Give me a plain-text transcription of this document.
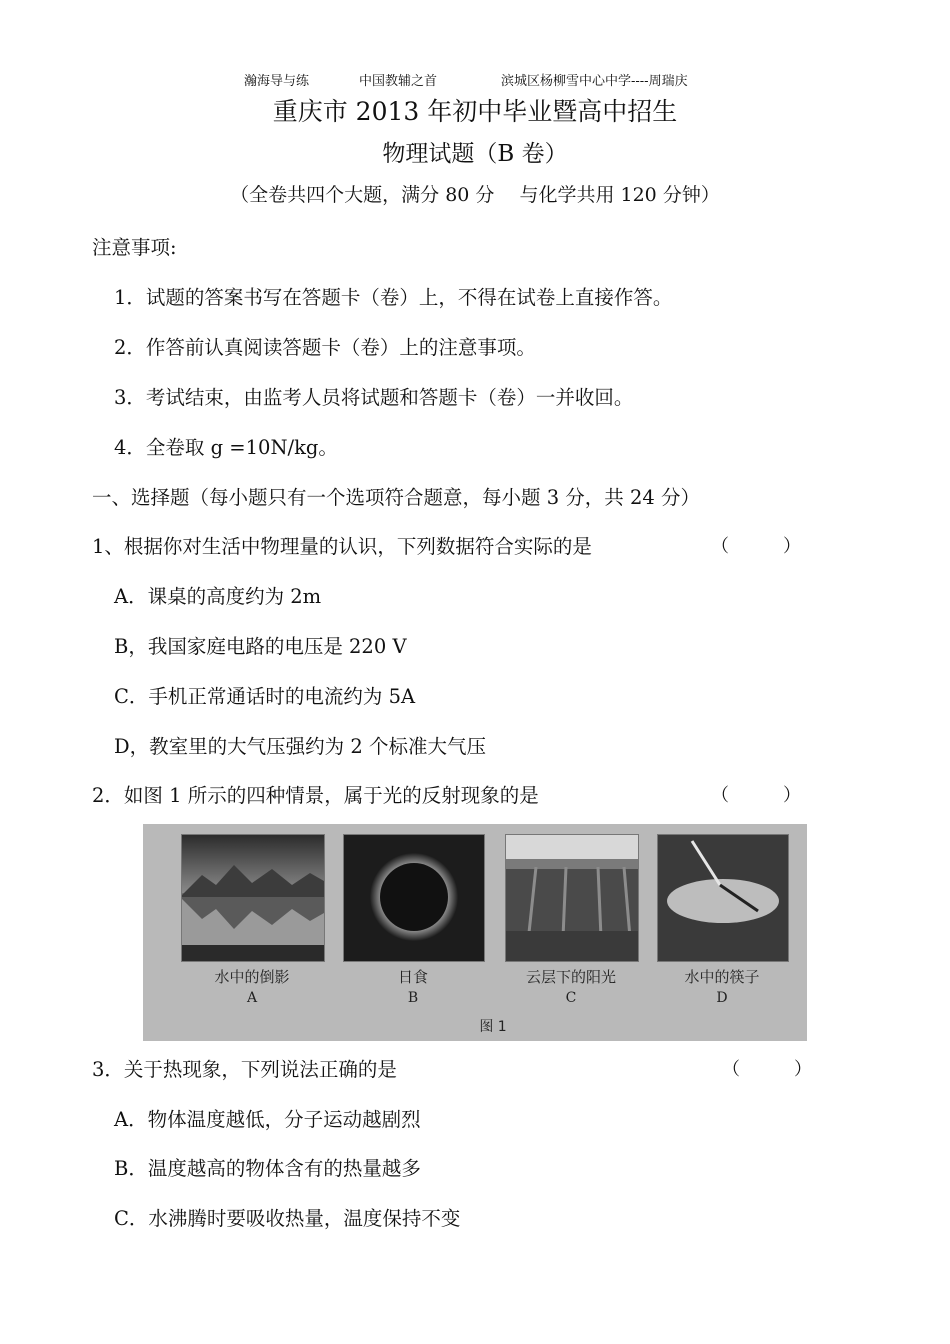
瀚海导与练	中国教辅之首	滨城区杨柳雪中心中学----周瑞庆
重庆市 2013 年初中毕业暨高中招生
物理试题（B 卷）
（全卷共四个大题，满分 80 分　 与化学共用 120 分钟）
注意事项:
1．试题的答案书写在答题卡（卷）上，不得在试卷上直接作答。
2．作答前认真阅读答题卡（卷）上的注意事项。
3．考试结束，由监考人员将试题和答题卡（卷）一并收回。
4．全卷取 g =10N/kg。
一、选择题（每小题只有一个选项符合题意，每小题 3 分，共 24 分）
1、根据你对生活中物理量的认识，下列数据符合实际的是	（　　　）
A．课桌的高度约为 2m
B，我国家庭电路的电压是 220 V
C．手机正常通话时的电流约为 5A
D，教室里的大气压强约为 2 个标准大气压
2．如图 1 所示的四种情景，属于光的反射现象的是	（　　　）
水中的倒影	日食	云层下的阳光	水中的筷子
A	B	C	D
图 1
3．关于热现象，下列说法正确的是	（　　　）
A．物体温度越低，分子运动越剧烈
B．温度越高的物体含有的热量越多
C．水沸腾时要吸收热量，温度保持不变
